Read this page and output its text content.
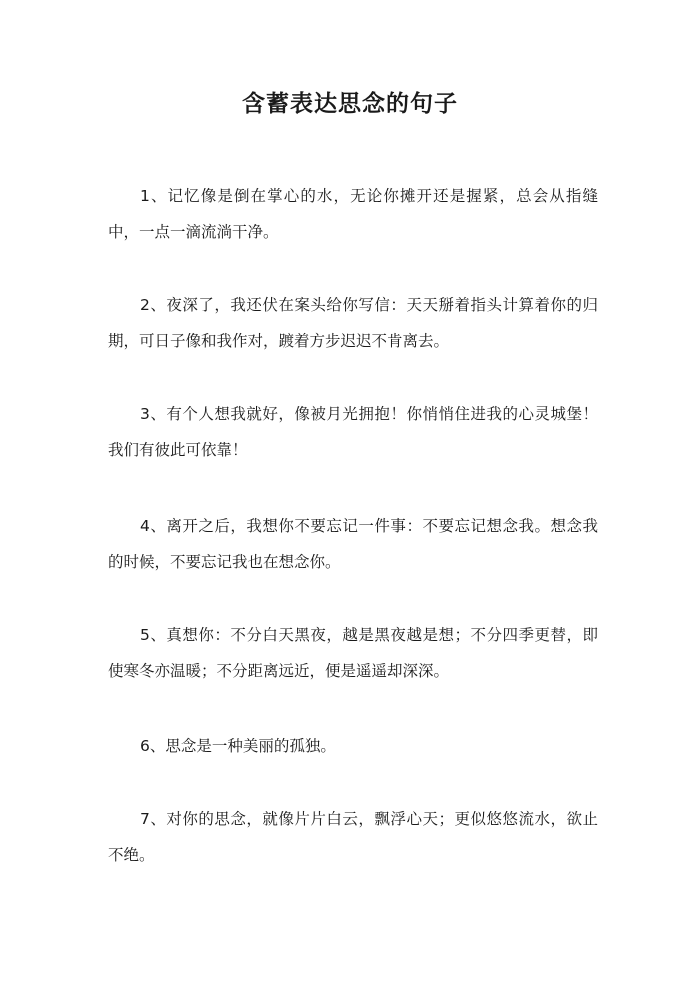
含蓄表达思念的句子

1、记忆像是倒在掌心的水，无论你摊开还是握紧，总会从指缝中，一点一滴流淌干净。

2、夜深了，我还伏在案头给你写信：天天掰着指头计算着你的归期，可日子像和我作对，踱着方步迟迟不肯离去。

3、有个人想我就好，像被月光拥抱！你悄悄住进我的心灵城堡！我们有彼此可依靠！

4、离开之后，我想你不要忘记一件事：不要忘记想念我。想念我的时候，不要忘记我也在想念你。

5、真想你：不分白天黑夜，越是黑夜越是想；不分四季更替，即使寒冬亦温暖；不分距离远近，便是遥遥却深深。

6、思念是一种美丽的孤独。

7、对你的思念，就像片片白云，飘浮心天；更似悠悠流水，欲止不绝。
